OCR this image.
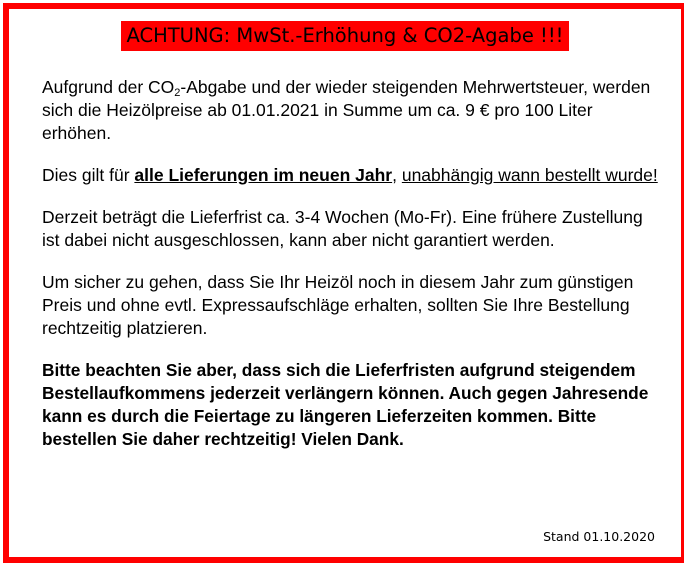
ACHTUNG: MwSt.-Erhöhung & CO2-Agabe !!!

Aufgrund der $CO_2$-Abgabe und der wieder steigenden Mehrwertsteuer, werden sich die Heizölpreise ab 01.01.2021 in Summe um ca. 9 € pro 100 Liter erhöhen.

Dies gilt für alle Lieferungen im neuen Jahr, unabhängig wann bestellt wurde!

Derzeit beträgt die Lieferfrist ca. 3-4 Wochen (Mo-Fr). Eine frühere Zustellung ist dabei nicht ausgeschlossen, kann aber nicht garantiert werden.

Um sicher zu gehen, dass Sie Ihr Heizöl noch in diesem Jahr zum günstigen Preis und ohne evtl. Expressaufschläge erhalten, sollten Sie Ihre Bestellung rechtzeitig platzieren.

Bitte beachten Sie aber, dass sich die Lieferfristen aufgrund steigendem Bestellaufkommens jederzeit verlängern können. Auch gegen Jahresende kann es durch die Feiertage zu längeren Lieferzeiten kommen. Bitte bestellen Sie daher rechtzeitig! Vielen Dank.

Stand 01.10.2020
